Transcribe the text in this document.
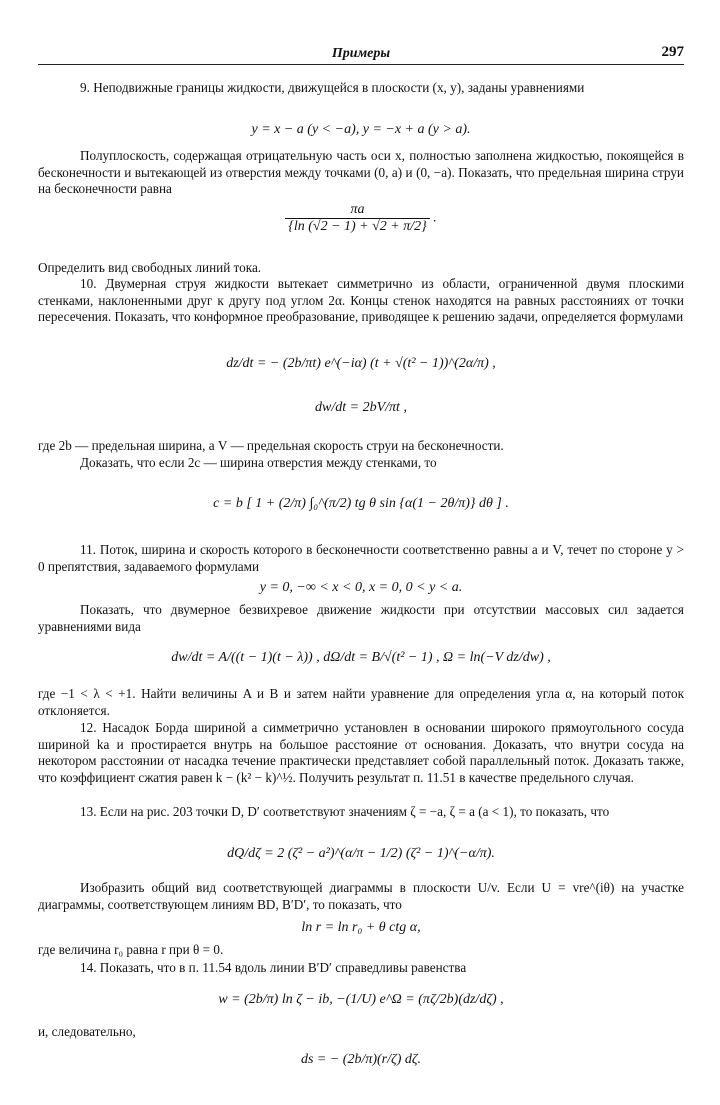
Примеры	297

9. Неподвижные границы жидкости, движущейся в плоскости (x, y), заданы уравнениями

y = x − a (y < −a), y = −x + a (y > a).

Полуплоскость, содержащая отрицательную часть оси x, полностью заполнена жидкостью, покоящейся в бесконечности и вытекающей из отверстия между точками (0, a) и (0, −a). Показать, что предельная ширина струи на бесконечности равна

$\frac{\pi a}{\{\ln (√2 - 1) + √2 + \pi/2\}}$ .

Определить вид свободных линий тока.

10. Двумерная струя жидкости вытекает симметрично из области, ограниченной двумя плоскими стенками, наклоненными друг к другу под углом 2α. Концы стенок находятся на равных расстояниях от точки пересечения. Показать, что конформное преобразование, приводящее к решению задачи, определяется формулами

dz/dt = − (2b/πt) e^(−iα) (t + √(t² − 1))^(2α/π) ,

dw/dt = 2bV/πt ,

где 2b — предельная ширина, а V — предельная скорость струи на бесконечности.

Доказать, что если 2c — ширина отверстия между стенками, то

c = b [ 1 + (2/π) ∫₀^(π/2) tg θ sin {α(1 − 2θ/π)} dθ ] .

11. Поток, ширина и скорость которого в бесконечности соответственно равны a и V, течет по стороне y > 0 препятствия, задаваемого формулами

y = 0, −∞ < x < 0, x = 0, 0 < y < a.

Показать, что двумерное безвихревое движение жидкости при отсутствии массовых сил задается уравнениями вида

dw/dt = A/((t − 1)(t − λ)) , dΩ/dt = B/√(t² − 1) , Ω = ln(−V dz/dw) ,

где −1 < λ < +1. Найти величины A и B и затем найти уравнение для определения угла α, на который поток отклоняется.

12. Насадок Борда шириной a симметрично установлен в основании широкого прямоугольного сосуда шириной ka и простирается внутрь на большое расстояние от основания. Доказать, что внутри сосуда на некотором расстоянии от насадка течение практически представляет собой параллельный поток. Доказать также, что коэффициент сжатия равен k − (k² − k)^½. Получить результат п. 11.51 в качестве предельного случая.

13. Если на рис. 203 точки D, D′ соответствуют значениям ζ = −a, ζ = a (a < 1), то показать, что

dQ/dζ = 2 (ζ² − a²)^(α/π − 1/2) (ζ² − 1)^(−α/π).

Изобразить общий вид соответствующей диаграммы в плоскости U/v. Если U = vre^(iθ) на участке диаграммы, соответствующем линиям BD, B′D′, то показать, что

ln r = ln r₀ + θ ctg α,

где величина r₀ равна r при θ = 0.

14. Показать, что в п. 11.54 вдоль линии B′D′ справедливы равенства

w = (2b/π) ln ζ − ib, −(1/U) e^Ω = (πζ/2b)(dz/dζ) ,

и, следовательно,

ds = − (2b/π)(r/ζ) dζ.
